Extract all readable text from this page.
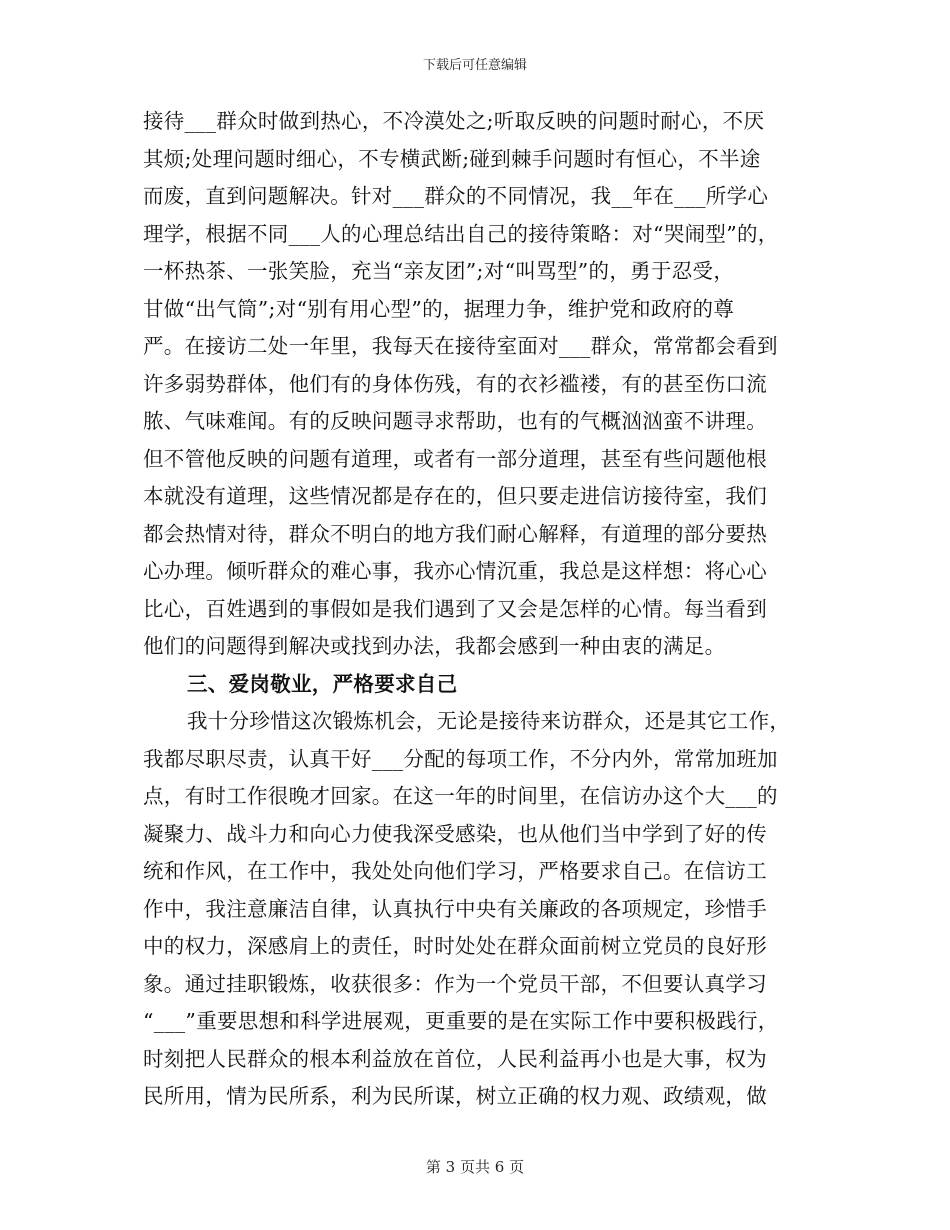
下载后可任意编辑
接待___群众时做到热心，不冷漠处之;听取反映的问题时耐心，不厌
其烦;处理问题时细心，不专横武断;碰到棘手问题时有恒心，不半途
而废，直到问题解决。针对___群众的不同情况，我__年在___所学心
理学，根据不同___人的心理总结出自己的接待策略：对“哭闹型”的，
一杯热茶、一张笑脸，充当“亲友团”;对“叫骂型”的，勇于忍受，
甘做“出气筒”;对“别有用心型”的，据理力争，维护党和政府的尊
严。在接访二处一年里，我每天在接待室面对___群众，常常都会看到
许多弱势群体，他们有的身体伤残，有的衣衫褴褛，有的甚至伤口流
脓、气味难闻。有的反映问题寻求帮助，也有的气概汹汹蛮不讲理。
但不管他反映的问题有道理，或者有一部分道理，甚至有些问题他根
本就没有道理，这些情况都是存在的，但只要走进信访接待室，我们
都会热情对待，群众不明白的地方我们耐心解释，有道理的部分要热
心办理。倾听群众的难心事，我亦心情沉重，我总是这样想：将心心
比心，百姓遇到的事假如是我们遇到了又会是怎样的心情。每当看到
他们的问题得到解决或找到办法，我都会感到一种由衷的满足。
三、爱岗敬业，严格要求自己
我十分珍惜这次锻炼机会，无论是接待来访群众，还是其它工作，
我都尽职尽责，认真干好___分配的每项工作，不分内外，常常加班加
点，有时工作很晚才回家。在这一年的时间里，在信访办这个大___的
凝聚力、战斗力和向心力使我深受感染，也从他们当中学到了好的传
统和作风，在工作中，我处处向他们学习，严格要求自己。在信访工
作中，我注意廉洁自律，认真执行中央有关廉政的各项规定，珍惜手
中的权力，深感肩上的责任，时时处处在群众面前树立党员的良好形
象。通过挂职锻炼，收获很多：作为一个党员干部，不但要认真学习
“___”重要思想和科学进展观，更重要的是在实际工作中要积极践行，
时刻把人民群众的根本利益放在首位，人民利益再小也是大事，权为
民所用，情为民所系，利为民所谋，树立正确的权力观、政绩观，做
第 3 页共 6 页
